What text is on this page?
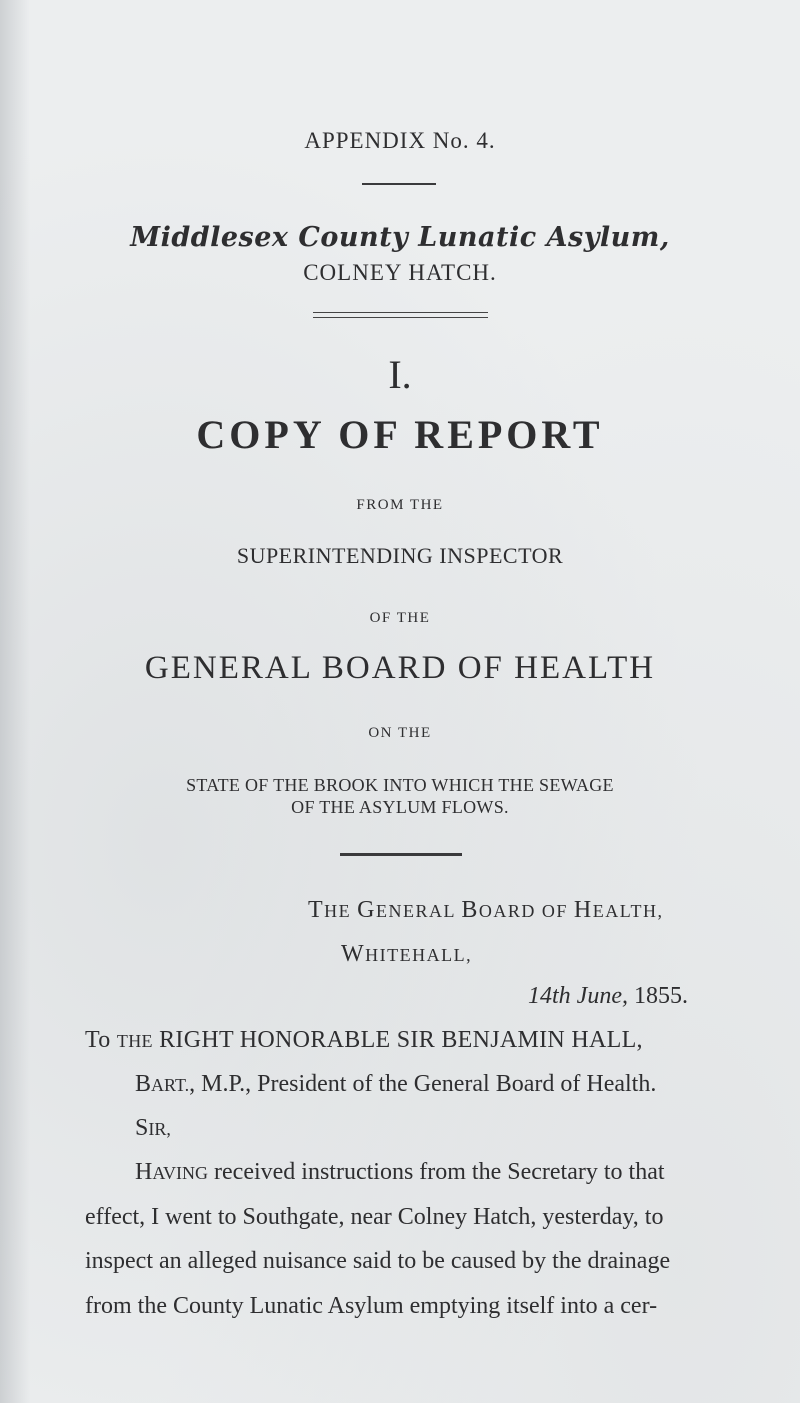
APPENDIX No. 4.
Middlesex County Lunatic Asylum,
COLNEY HATCH.
I.
COPY OF REPORT
FROM THE
SUPERINTENDING INSPECTOR
OF THE
GENERAL BOARD OF HEALTH
ON THE
STATE OF THE BROOK INTO WHICH THE SEWAGE
OF THE ASYLUM FLOWS.
THE GENERAL BOARD OF HEALTH,
WHITEHALL,
14th June, 1855.
To THE RIGHT HONORABLE SIR BENJAMIN HALL,
BART., M.P., President of the General Board of Health.
SIR,
HAVING received instructions from the Secretary to that
effect, I went to Southgate, near Colney Hatch, yesterday, to
inspect an alleged nuisance said to be caused by the drainage
from the County Lunatic Asylum emptying itself into a cer-
